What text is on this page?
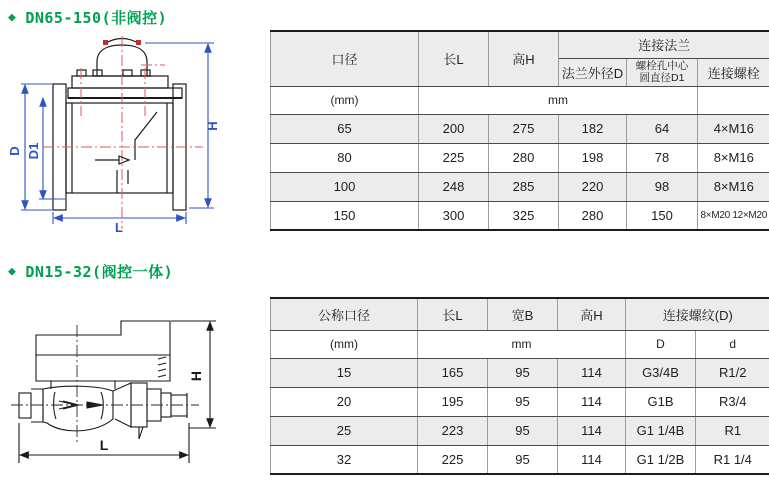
◆ DN65-150(非阀控)
D D1
H
L
口径	长L	高H	连接法兰		
			法兰外径D	螺栓孔中心
圆直径D1	连接螺栓
(mm)	mm				
65	200	275	182	64	4×M16
80	225	280	198	78	8×M16
100	248	285	220	98	8×M16
150	300	325	280	150	8×M20 12×M20
◆ DN15-32(阀控一体)
H
L
公称口径	长L	宽B	高H	连接螺纹(D)	
(mm)	mm			D	d
15	165	95	114	G3/4B	R1/2
20	195	95	114	G1B	R3/4
25	223	95	114	G1 1/4B	R1
32	225	95	114	G1 1/2B	R1 1/4
